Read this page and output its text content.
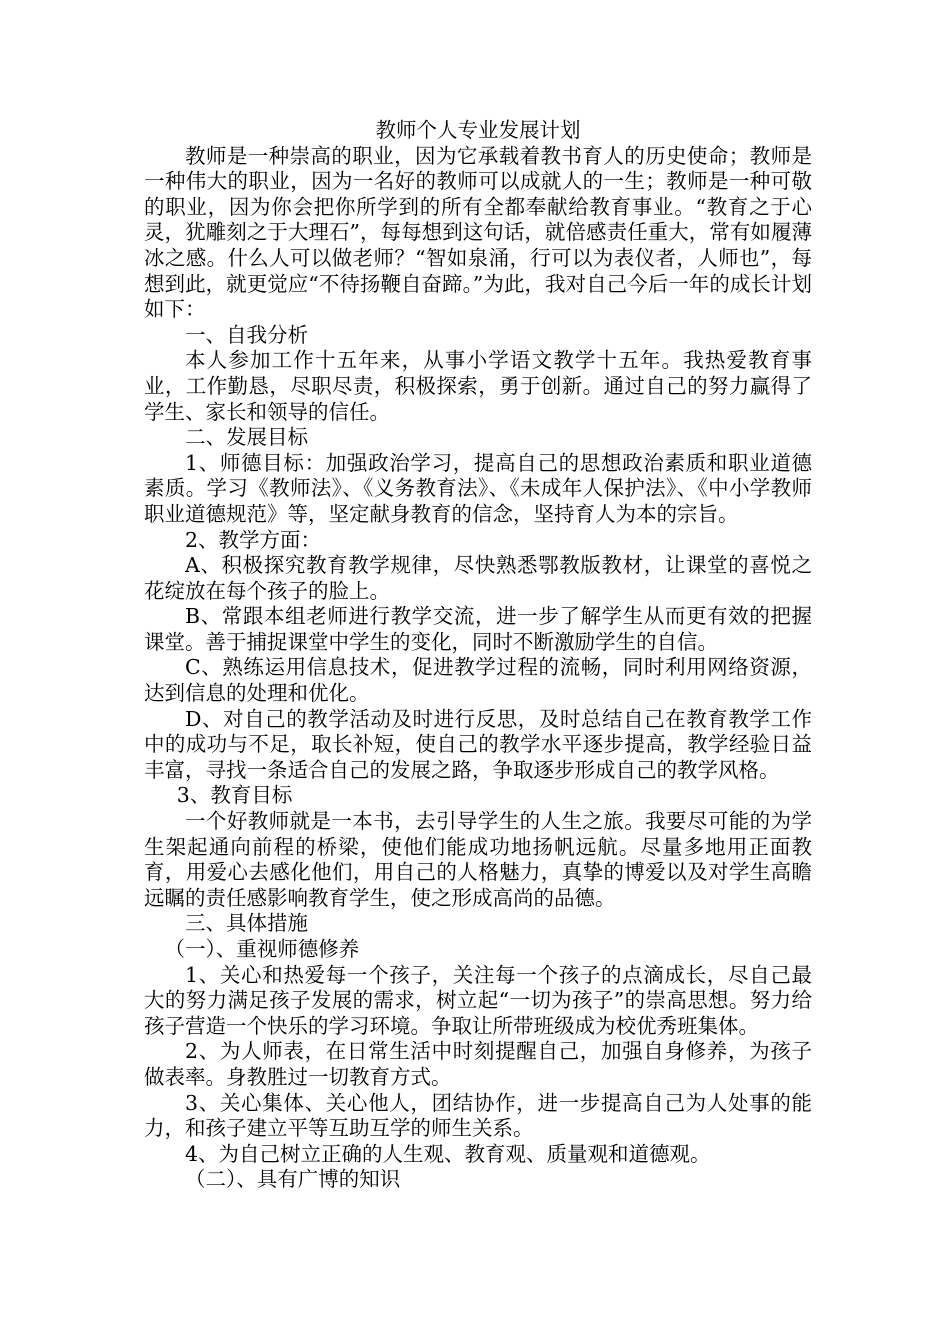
教师个人专业发展计划

教师是一种崇高的职业，因为它承载着教书育人的历史使命；教师是一种伟大的职业，因为一名好的教师可以成就人的一生；教师是一种可敬的职业，因为你会把你所学到的所有全都奉献给教育事业。“教育之于心灵，犹雕刻之于大理石”，每每想到这句话，就倍感责任重大，常有如履薄冰之感。什么人可以做老师？“智如泉涌，行可以为表仪者，人师也”，每想到此，就更觉应“不待扬鞭自奋蹄。”为此，我对自己今后一年的成长计划如下：

一、自我分析

本人参加工作十五年来，从事小学语文教学十五年。我热爱教育事业，工作勤恳，尽职尽责，积极探索，勇于创新。通过自己的努力赢得了学生、家长和领导的信任。

二、发展目标

1、师德目标：加强政治学习，提高自己的思想政治素质和职业道德素质。学习《教师法》、《义务教育法》、《未成年人保护法》、《中小学教师职业道德规范》等，坚定献身教育的信念，坚持育人为本的宗旨。

2、教学方面：

A、积极探究教育教学规律，尽快熟悉鄂教版教材，让课堂的喜悦之花绽放在每个孩子的脸上。

B、常跟本组老师进行教学交流，进一步了解学生从而更有效的把握课堂。善于捕捉课堂中学生的变化，同时不断激励学生的自信。

C、熟练运用信息技术，促进教学过程的流畅，同时利用网络资源，达到信息的处理和优化。

D、对自己的教学活动及时进行反思，及时总结自己在教育教学工作中的成功与不足，取长补短，使自己的教学水平逐步提高，教学经验日益丰富，寻找一条适合自己的发展之路，争取逐步形成自己的教学风格。

3、教育目标

一个好教师就是一本书，去引导学生的人生之旅。我要尽可能的为学生架起通向前程的桥梁，使他们能成功地扬帆远航。尽量多地用正面教育，用爱心去感化他们，用自己的人格魅力，真挚的博爱以及对学生高瞻远瞩的责任感影响教育学生，使之形成高尚的品德。

三、具体措施

（一）、重视师德修养

1、关心和热爱每一个孩子，关注每一个孩子的点滴成长，尽自己最大的努力满足孩子发展的需求，树立起“一切为孩子”的崇高思想。努力给孩子营造一个快乐的学习环境。争取让所带班级成为校优秀班集体。

2、为人师表，在日常生活中时刻提醒自己，加强自身修养，为孩子做表率。身教胜过一切教育方式。

3、关心集体、关心他人，团结协作，进一步提高自己为人处事的能力，和孩子建立平等互助互学的师生关系。

4、为自己树立正确的人生观、教育观、质量观和道德观。

（二）、具有广博的知识
